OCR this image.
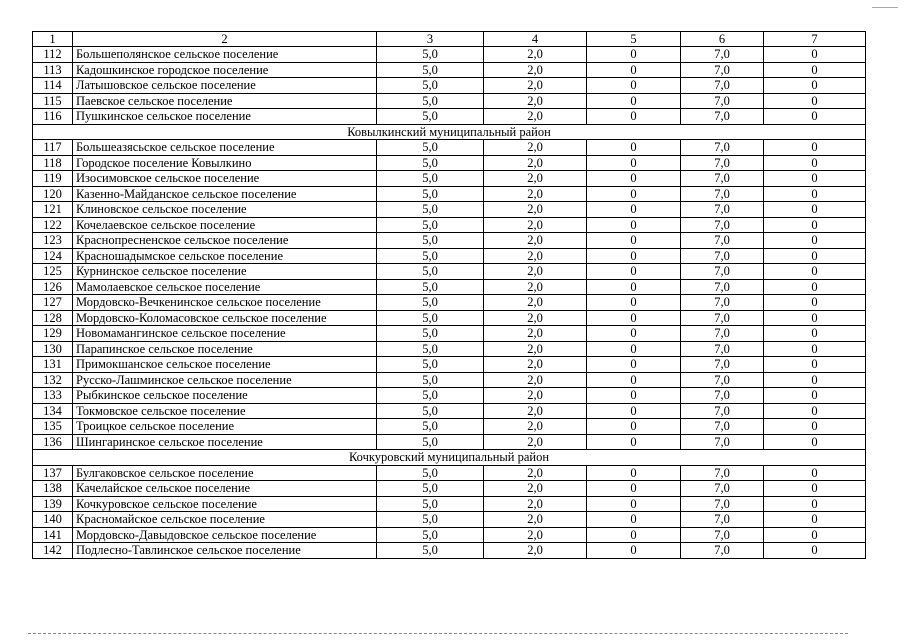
1	2	3	4	5	6	7
112	Большеполянское сельское поселение	5,0	2,0	0	7,0	0
113	Кадошкинское городское поселение	5,0	2,0	0	7,0	0
114	Латышовское сельское поселение	5,0	2,0	0	7,0	0
115	Паевское сельское поселение	5,0	2,0	0	7,0	0
116	Пушкинское сельское поселение	5,0	2,0	0	7,0	0
Ковылкинский муниципальный район						
117	Большеазясьское сельское поселение	5,0	2,0	0	7,0	0
118	Городское поселение Ковылкино	5,0	2,0	0	7,0	0
119	Изосимовское сельское поселение	5,0	2,0	0	7,0	0
120	Казенно-Майданское сельское поселение	5,0	2,0	0	7,0	0
121	Клиновское сельское поселение	5,0	2,0	0	7,0	0
122	Кочелаевское сельское поселение	5,0	2,0	0	7,0	0
123	Краснопресненское сельское поселение	5,0	2,0	0	7,0	0
124	Красношадымское сельское поселение	5,0	2,0	0	7,0	0
125	Курнинское сельское поселение	5,0	2,0	0	7,0	0
126	Мамолаевское сельское поселение	5,0	2,0	0	7,0	0
127	Мордовско-Вечкенинское сельское поселение	5,0	2,0	0	7,0	0
128	Мордовско-Коломасовское сельское поселение	5,0	2,0	0	7,0	0
129	Новомамангинское сельское поселение	5,0	2,0	0	7,0	0
130	Парапинское сельское поселение	5,0	2,0	0	7,0	0
131	Примокшанское сельское поселение	5,0	2,0	0	7,0	0
132	Русско-Лашминское сельское поселение	5,0	2,0	0	7,0	0
133	Рыбкинское сельское поселение	5,0	2,0	0	7,0	0
134	Токмовское сельское поселение	5,0	2,0	0	7,0	0
135	Троицкое сельское поселение	5,0	2,0	0	7,0	0
136	Шингаринское сельское поселение	5,0	2,0	0	7,0	0
Кочкуровский муниципальный район						
137	Булгаковское сельское поселение	5,0	2,0	0	7,0	0
138	Качелайское сельское поселение	5,0	2,0	0	7,0	0
139	Кочкуровское сельское поселение	5,0	2,0	0	7,0	0
140	Красномайское сельское поселение	5,0	2,0	0	7,0	0
141	Мордовско-Давыдовское сельское поселение	5,0	2,0	0	7,0	0
142	Подлесно-Тавлинское сельское поселение	5,0	2,0	0	7,0	0
